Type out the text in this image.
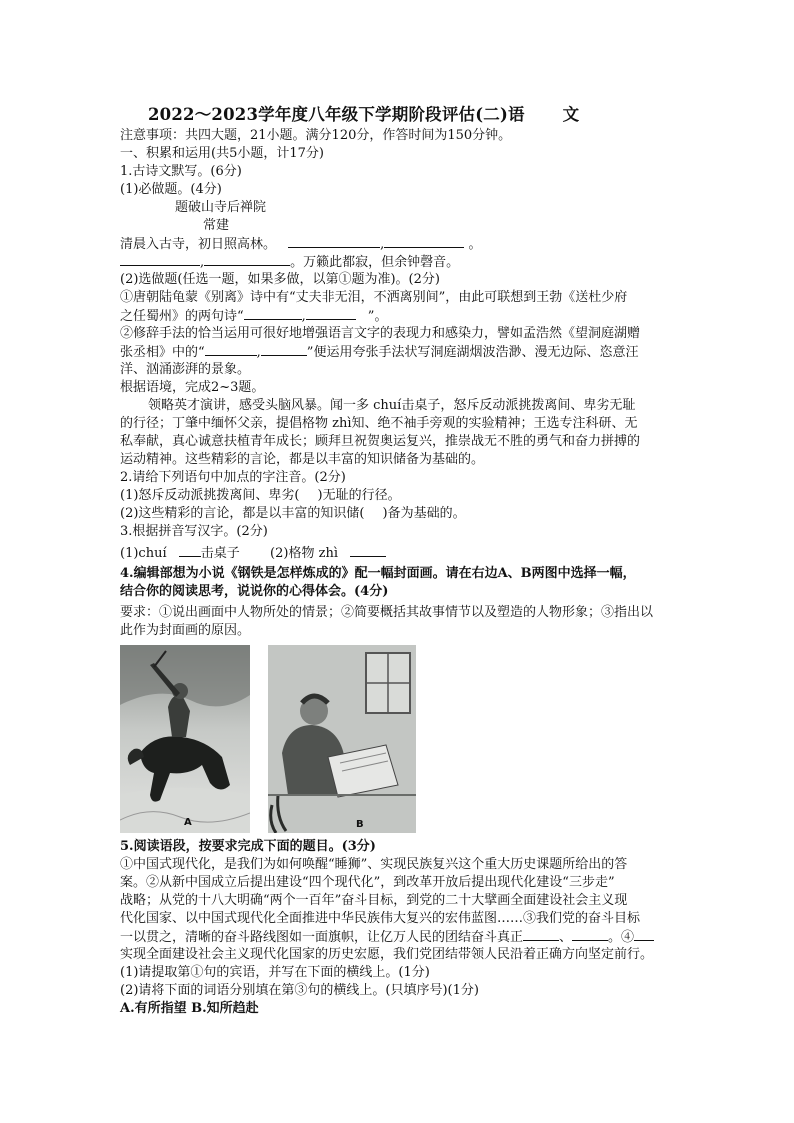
2022～2023学年度八年级下学期阶段评估(二)语 文
注意事项：共四大题，21小题。满分120分，作答时间为150分钟。
一、积累和运用(共5小题，计17分)
1.古诗文默写。(6分)
(1)必做题。(4分)
题破山寺后禅院
常建
清晨入古寺，初日照高林。	,	。
,	。万籁此都寂，但余钟磬音。
(2)选做题(任选一题，如果多做，以第①题为准)。(2分)
①唐朝陆龟蒙《别离》诗中有“丈夫非无泪，不洒离别间”，由此可联想到王勃《送杜少府
之任蜀州》的两句诗“	,	”。
②修辞手法的恰当运用可很好地增强语言文字的表现力和感染力，譬如孟浩然《望洞庭湖赠
张丞相》中的“	,	”便运用夸张手法状写洞庭湖烟波浩渺、漫无边际、恣意汪
洋、汹涌澎湃的景象。
根据语境，完成2~3题。
领略英才演讲，感受头脑风暴。闻一多 chuí击桌子，怒斥反动派挑拨离间、卑劣无耻
的行径；丁肇中缅怀父亲，提倡格物 zhì知、绝不袖手旁观的实验精神；王选专注科研、无
私奉献，真心诚意扶植青年成长；顾拜旦祝贺奥运复兴，推崇战无不胜的勇气和奋力拼搏的
运动精神。这些精彩的言论，都是以丰富的知识储备为基础的。
2.请给下列语句中加点的字注音。(2分)
(1)怒斥反动派挑拨离间、卑劣( )无耻的行径。
(2)这些精彩的言论，都是以丰富的知识储( )备为基础的。
3.根据拼音写汉字。(2分)
(1)chuí	击桌子 (2)格物 zhì
4.编辑部想为小说《钢铁是怎样炼成的》配一幅封面画。请在右边A、B两图中选择一幅，
结合你的阅读思考，说说你的心得体会。(4分)
要求：①说出画面中人物所处的情景；②简要概括其故事情节以及塑造的人物形象；③指出以
此作为封面画的原因。
A	B
5.阅读语段，按要求完成下面的题目。(3分)
①中国式现代化，是我们为如何唤醒“睡狮”、实现民族复兴这个重大历史课题所给出的答
案。②从新中国成立后提出建设“四个现代化”，到改革开放后提出现代化建设“三步走”
战略；从党的十八大明确“两个一百年”奋斗目标，到党的二十大擘画全面建设社会主义现
代化国家、以中国式现代化全面推进中华民族伟大复兴的宏伟蓝图……③我们党的奋斗目标
一以贯之，清晰的奋斗路线图如一面旗帜，让亿万人民的团结奋斗真正	、	。④
实现全面建设社会主义现代化国家的历史宏愿，我们党团结带领人民沿着正确方向坚定前行。
(1)请提取第①句的宾语，并写在下面的横线上。(1分)
(2)请将下面的词语分别填在第③句的横线上。(只填序号)(1分)
A.有所指望 B.知所趋赴
